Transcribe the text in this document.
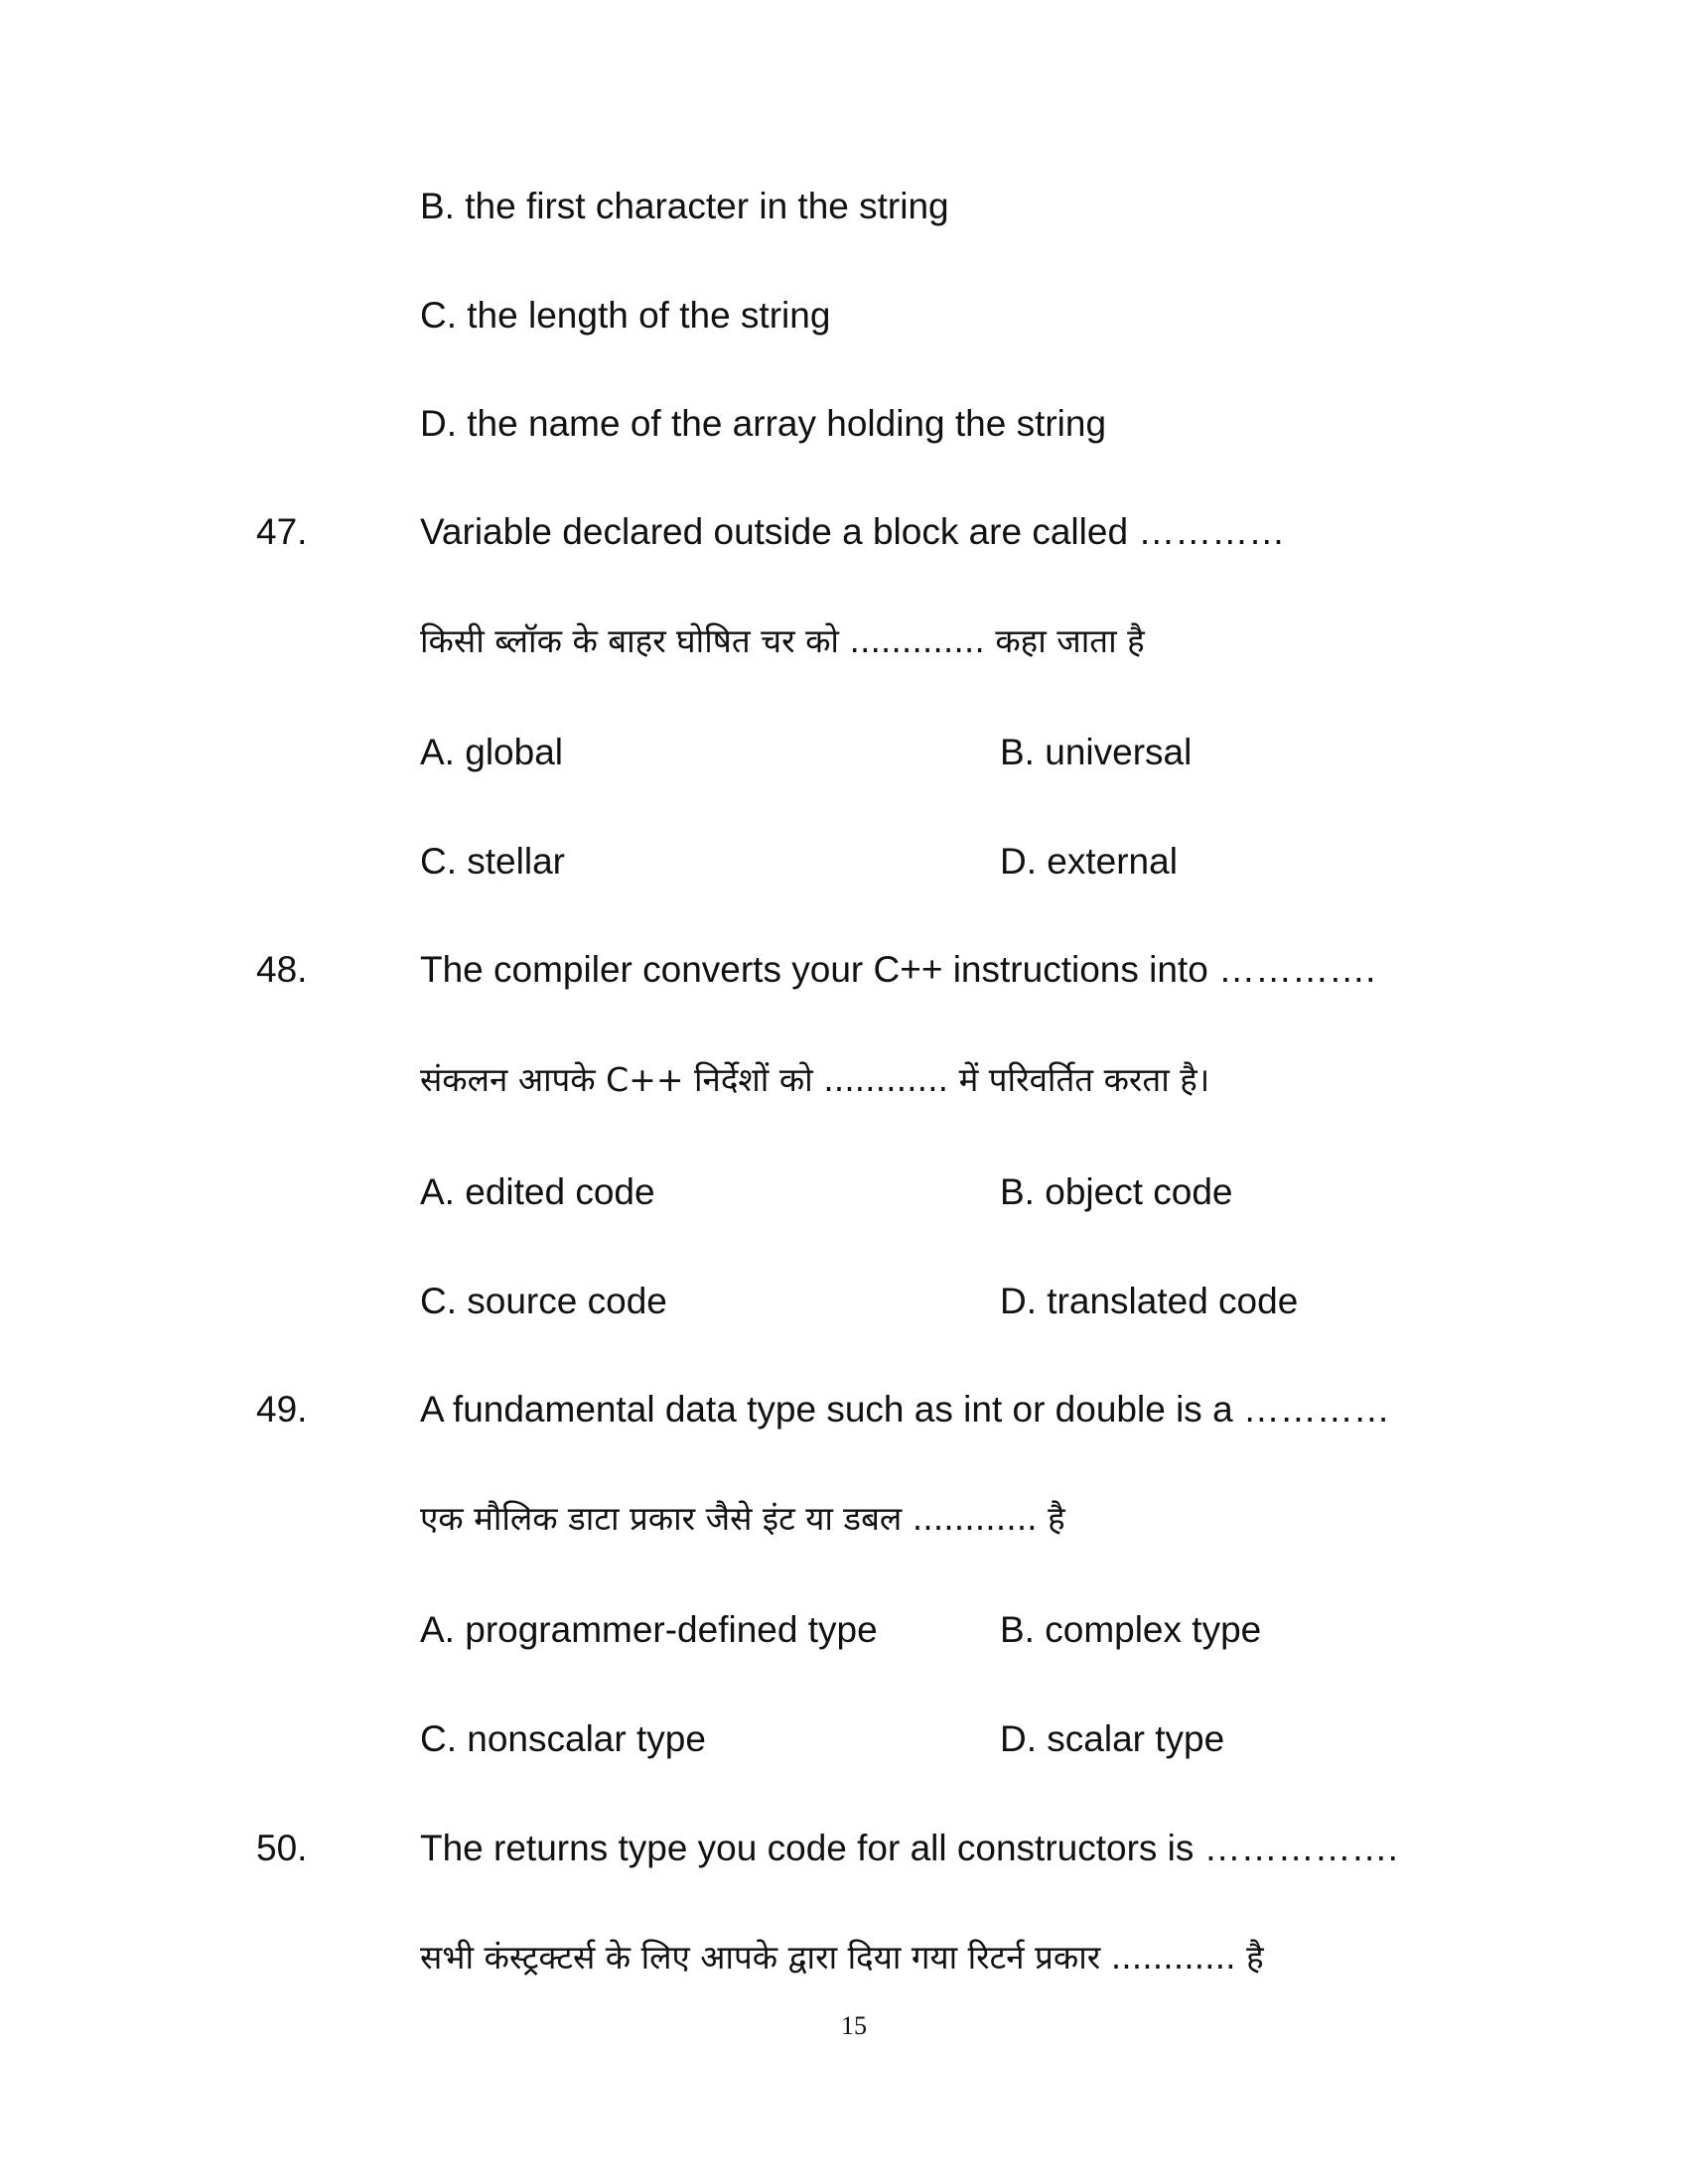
B. the first character in the string
C. the length of the string
D. the name of the array holding the string
47.	Variable declared outside a block are called …………
किसी ब्लॉक के बाहर घोषित चर को ............. कहा जाता है
A. global	B. universal
C. stellar	D. external
48.	The compiler converts your C++ instructions into ………….
संकलन आपके C++ निर्देशों को ............ में परिवर्तित करता है।
A. edited code	B. object code
C. source code	D. translated code
49.	A fundamental data type such as int or double is a …………
एक मौलिक डाटा प्रकार जैसे इंट या डबल ............ है
A. programmer-defined type	B. complex type
C. nonscalar type	D. scalar type
50.	The returns type you code for all constructors is …………….
सभी कंस्ट्रक्टर्स के लिए आपके द्वारा दिया गया रिटर्न प्रकार ............ है
15
